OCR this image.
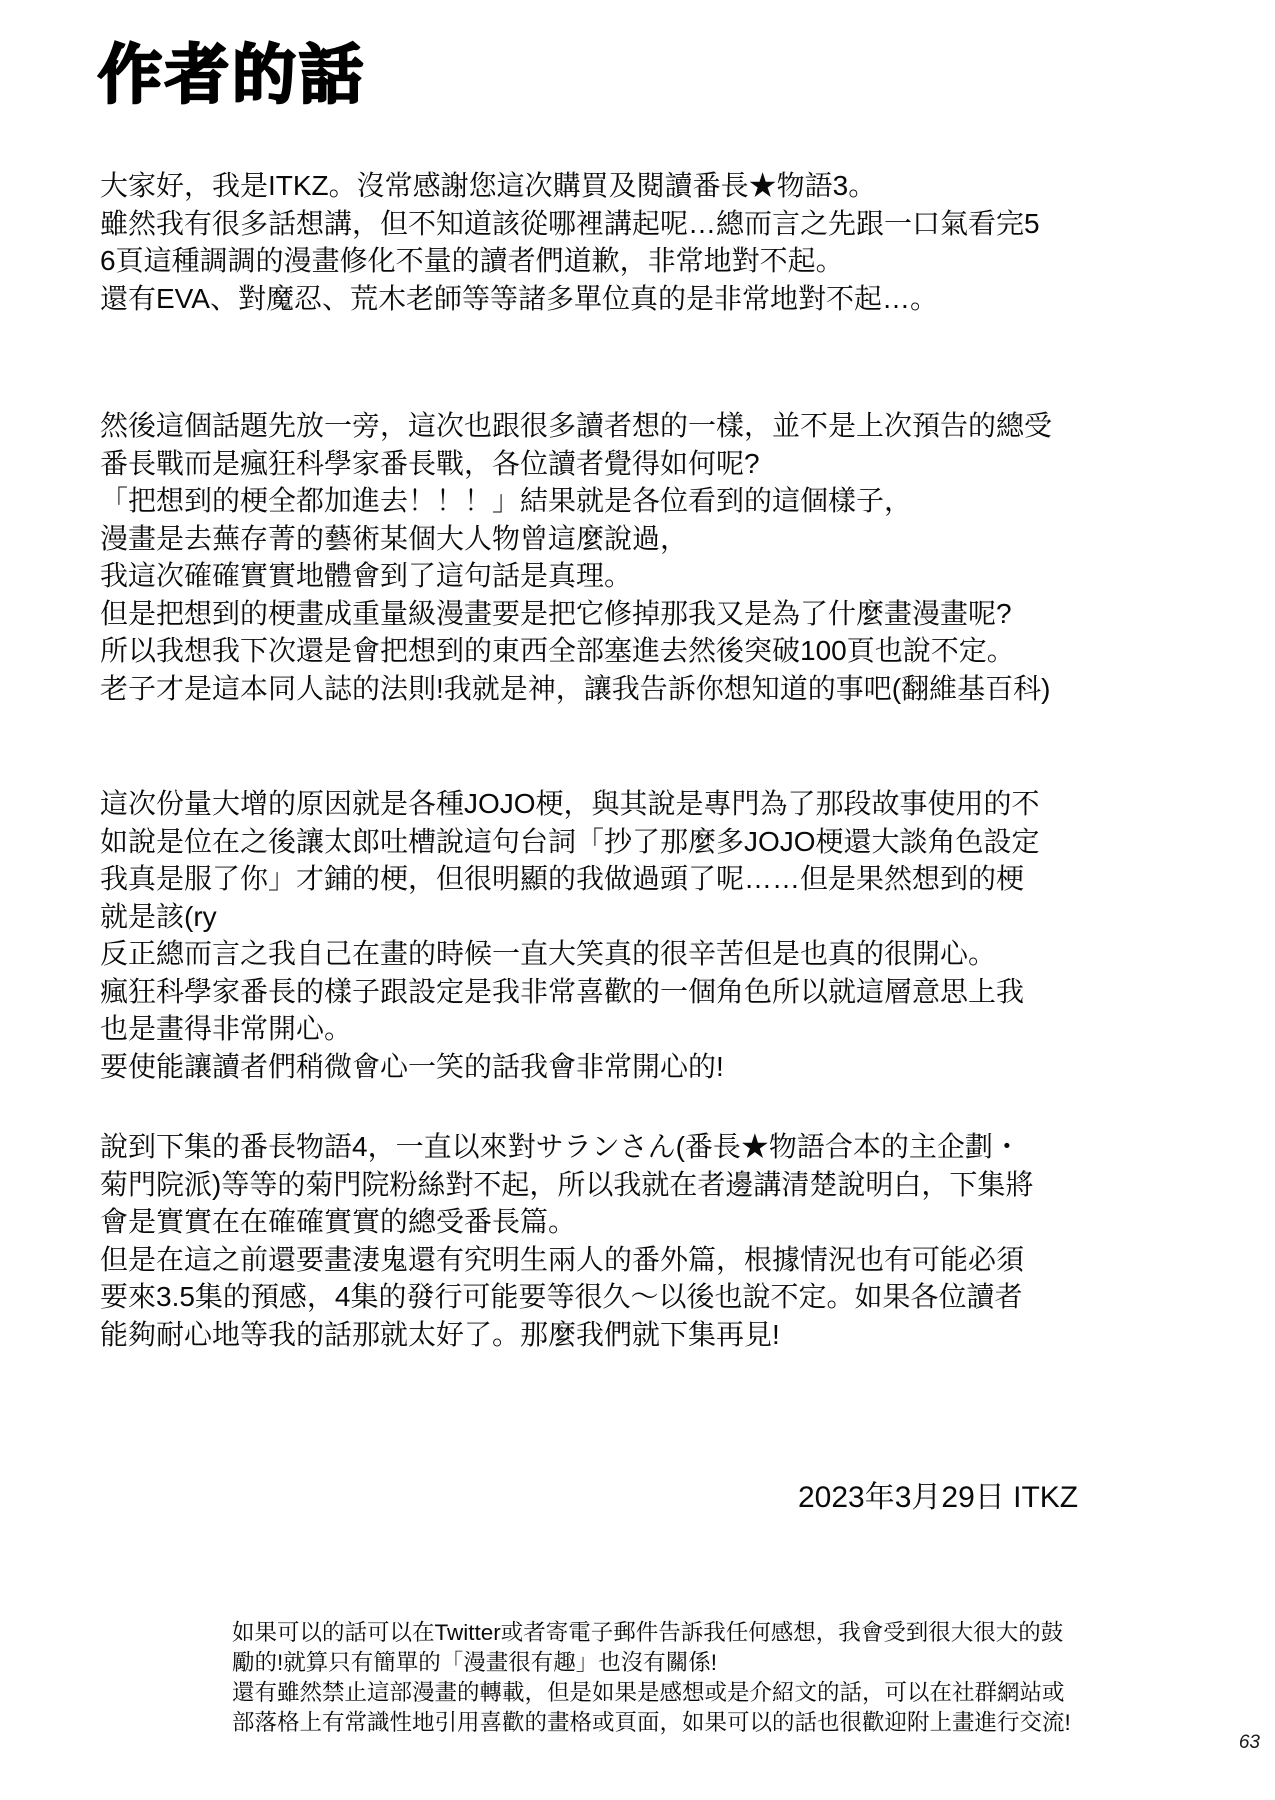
作者的話
大家好，我是ITKZ。沒常感謝您這次購買及閱讀番長★物語3。
雖然我有很多話想講，但不知道該從哪裡講起呢…總而言之先跟一口氣看完5
6頁這種調調的漫畫修化不量的讀者們道歉，非常地對不起。
還有EVA、對魔忍、荒木老師等等諸多單位真的是非常地對不起…。
然後這個話題先放一旁，這次也跟很多讀者想的一樣，並不是上次預告的總受
番長戰而是瘋狂科學家番長戰，各位讀者覺得如何呢?
「把想到的梗全都加進去！！！」結果就是各位看到的這個樣子，
漫畫是去蕪存菁的藝術某個大人物曾這麼說過，
我這次確確實實地體會到了這句話是真理。
但是把想到的梗畫成重量級漫畫要是把它修掉那我又是為了什麼畫漫畫呢?
所以我想我下次還是會把想到的東西全部塞進去然後突破100頁也說不定。
老子才是這本同人誌的法則!我就是神，讓我告訴你想知道的事吧(翻維基百科)
這次份量大增的原因就是各種JOJO梗，與其說是專門為了那段故事使用的不
如說是位在之後讓太郎吐槽說這句台詞「抄了那麼多JOJO梗還大談角色設定
我真是服了你」才鋪的梗，但很明顯的我做過頭了呢……但是果然想到的梗
就是該(ry
反正總而言之我自己在畫的時候一直大笑真的很辛苦但是也真的很開心。
瘋狂科學家番長的樣子跟設定是我非常喜歡的一個角色所以就這層意思上我
也是畫得非常開心。
要使能讓讀者們稍微會心一笑的話我會非常開心的!
說到下集的番長物語4，一直以來對サランさん(番長★物語合本的主企劃・
菊門院派)等等的菊門院粉絲對不起，所以我就在者邊講清楚說明白，下集將
會是實實在在確確實實的總受番長篇。
但是在這之前還要畫淒鬼還有究明生兩人的番外篇，根據情況也有可能必須
要來3.5集的預感，4集的發行可能要等很久～以後也說不定。如果各位讀者
能夠耐心地等我的話那就太好了。那麼我們就下集再見!
2023年3月29日 ITKZ
如果可以的話可以在Twitter或者寄電子郵件告訴我任何感想，我會受到很大很大的鼓
勵的!就算只有簡單的「漫畫很有趣」也沒有關係!
還有雖然禁止這部漫畫的轉載，但是如果是感想或是介紹文的話，可以在社群網站或
部落格上有常識性地引用喜歡的畫格或頁面，如果可以的話也很歡迎附上畫進行交流!
63
